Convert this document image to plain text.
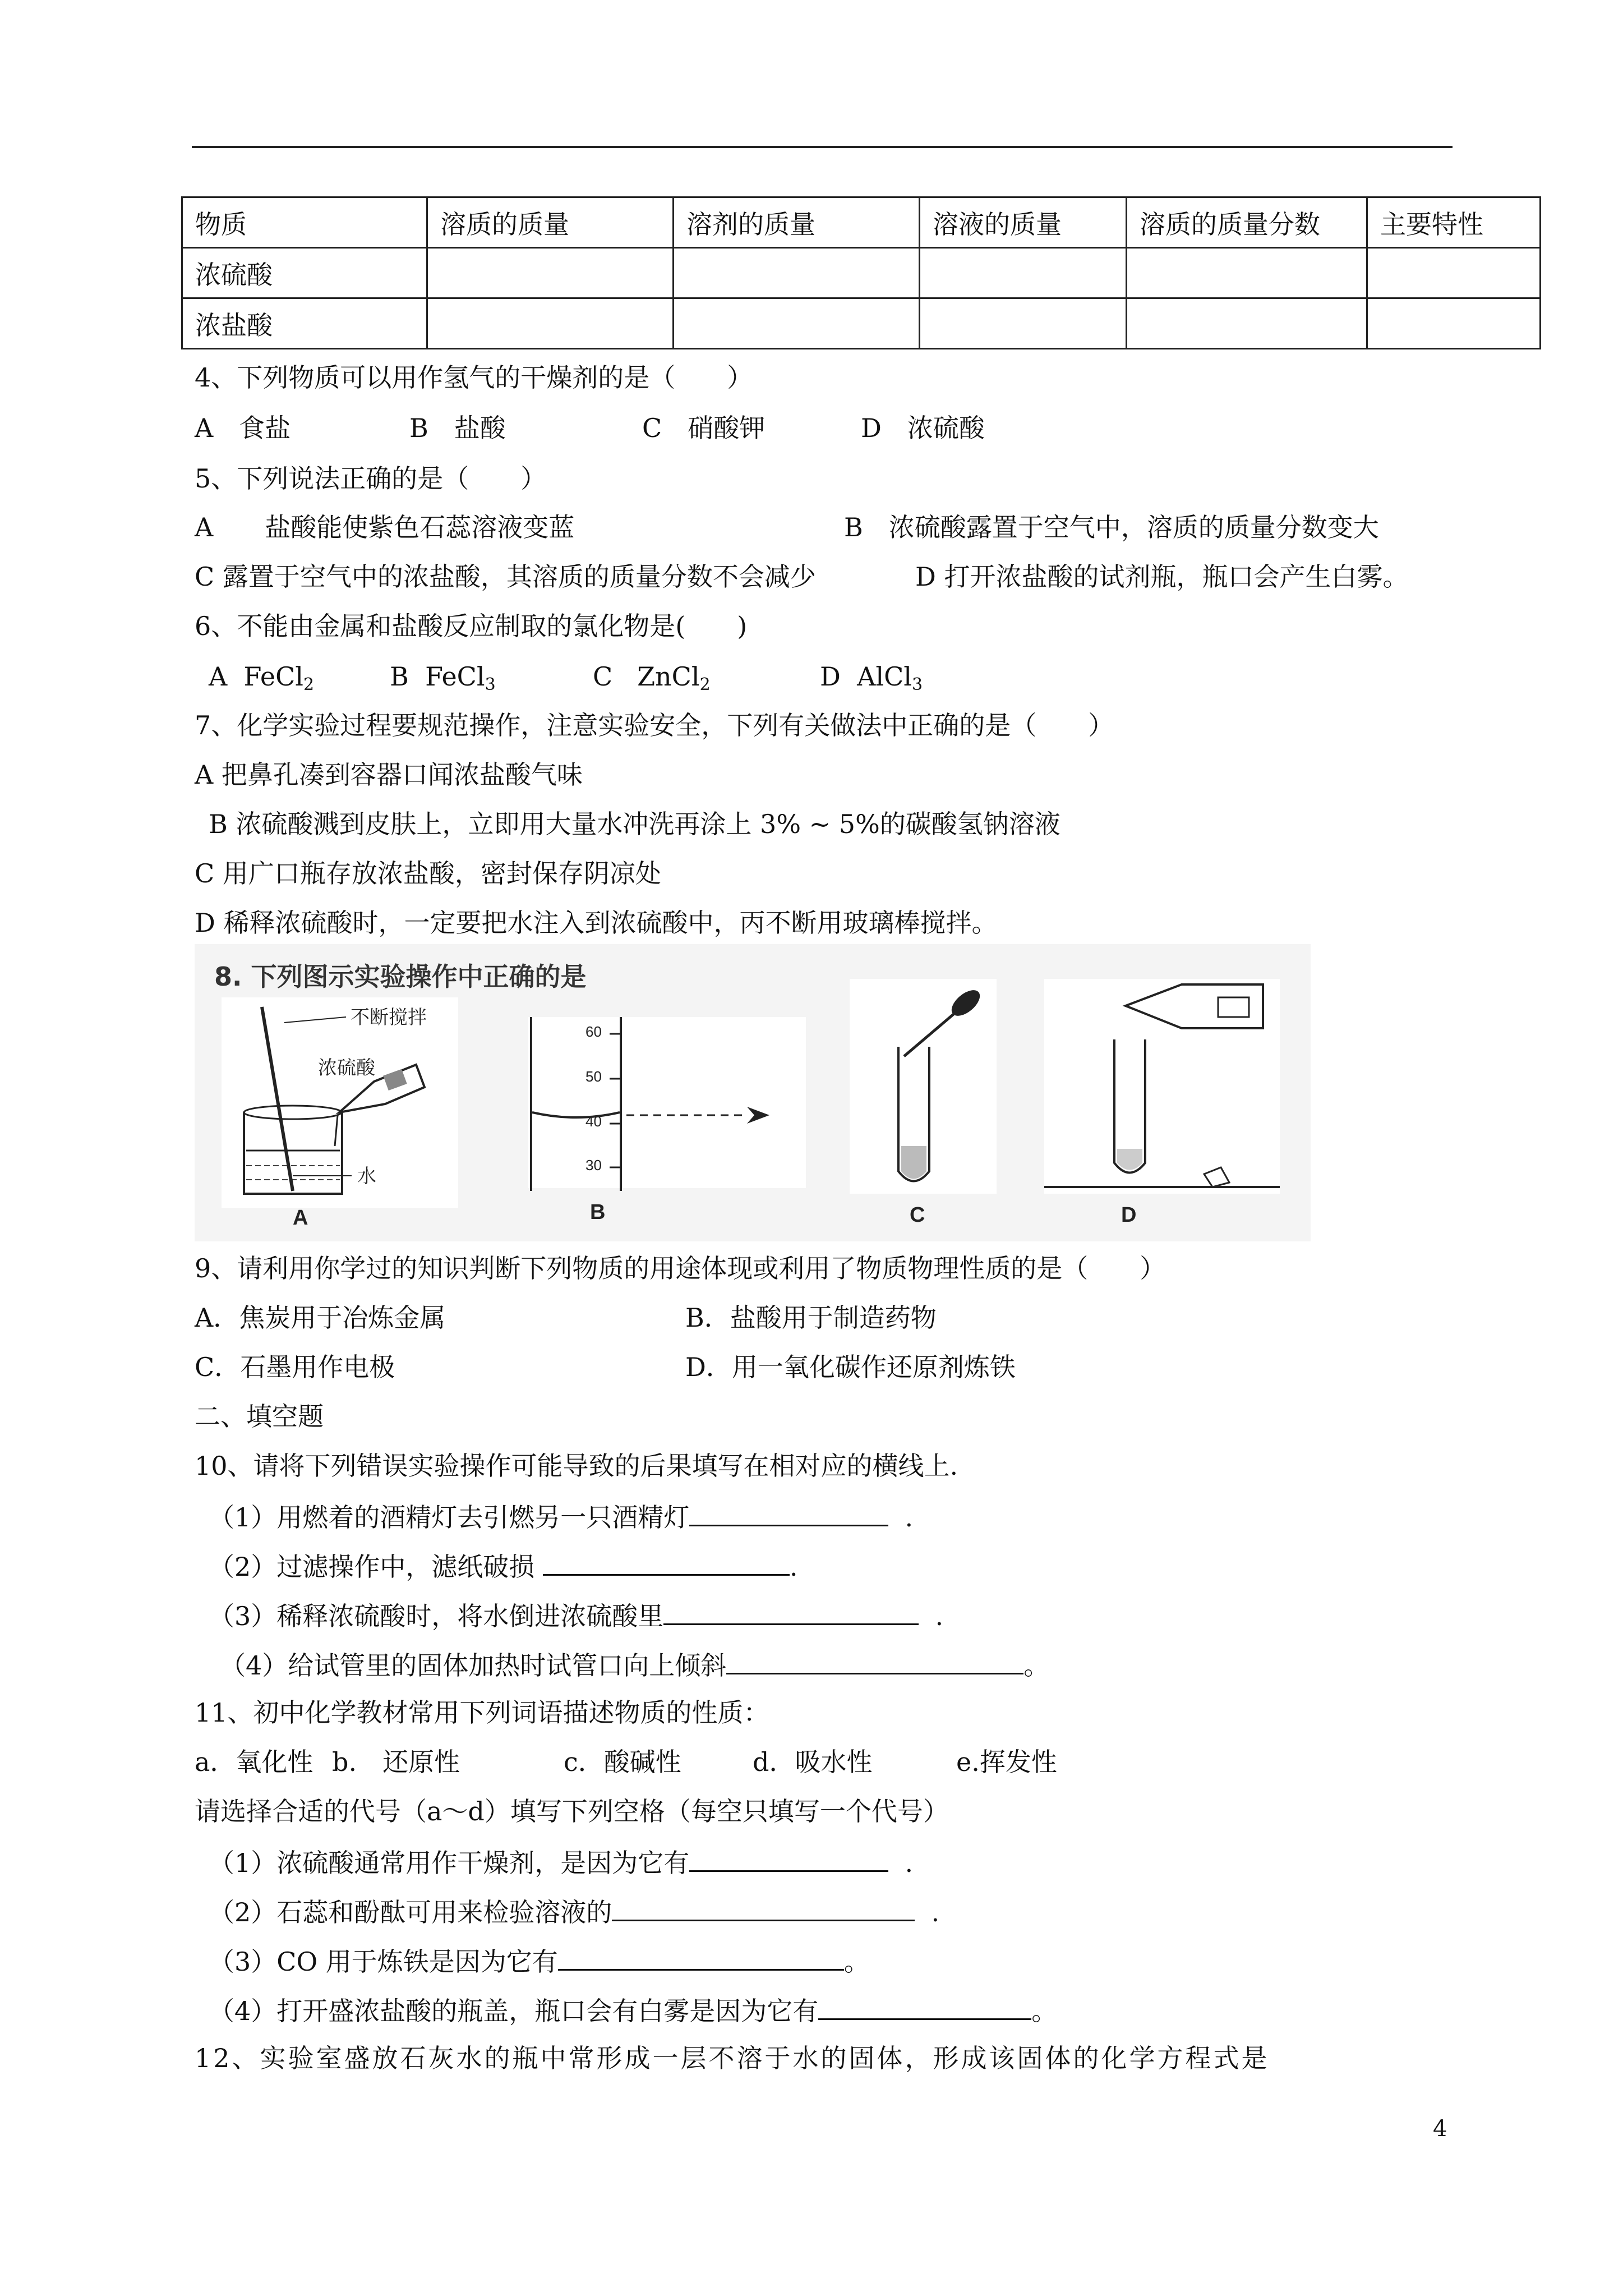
物质	溶质的质量	溶剂的质量	溶液的质量	溶质的质量分数	主要特性
浓硫酸					
浓盐酸					
4、下列物质可以用作氢气的干燥剂的是（　　）
A　食盐	B　盐酸	C　硝酸钾	D　浓硫酸
5、下列说法正确的是（　　）
A　　盐酸能使紫色石蕊溶液变蓝	B　浓硫酸露置于空气中，溶质的质量分数变大
C 露置于空气中的浓盐酸，其溶质的质量分数不会减少	D 打开浓盐酸的试剂瓶，瓶口会产生白雾。
6、不能由金属和盐酸反应制取的氯化物是(　　)
A FeCl$_2$	B FeCl$_3$	C ZnCl$_2$	D AlCl$_3$
7、化学实验过程要规范操作，注意实验安全，下列有关做法中正确的是（　　）
A 把鼻孔凑到容器口闻浓盐酸气味
B 浓硫酸溅到皮肤上，立即用大量水冲洗再涂上 3% ~ 5%的碳酸氢钠溶液
C 用广口瓶存放浓盐酸，密封保存阴凉处
D 稀释浓硫酸时，一定要把水注入到浓硫酸中，丙不断用玻璃棒搅拌。
8. 下列图示实验操作中正确的是
不断搅拌
浓硫酸
水
A
60
50
40
30
B	C	D
9、请利用你学过的知识判断下列物质的用途体现或利用了物质物理性质的是（　　）
A．焦炭用于冶炼金属	B．盐酸用于制造药物
C．石墨用作电极	D．用一氧化碳作还原剂炼铁
二、填空题
10、请将下列错误实验操作可能导致的后果填写在相对应的横线上.
（1）用燃着的酒精灯去引燃另一只酒精灯	.
（2）过滤操作中，滤纸破损	.
（3）稀释浓硫酸时，将水倒进浓硫酸里	.
（4）给试管里的固体加热时试管口向上倾斜	。
11、初中化学教材常用下列词语描述物质的性质：
a．氧化性 b.　还原性	c．酸碱性	d．吸水性	e.挥发性
请选择合适的代号（a～d）填写下列空格（每空只填写一个代号）
（1）浓硫酸通常用作干燥剂，是因为它有	.
（2）石蕊和酚酞可用来检验溶液的	.
（3）CO 用于炼铁是因为它有	。
（4）打开盛浓盐酸的瓶盖，瓶口会有白雾是因为它有	。
12、实验室盛放石灰水的瓶中常形成一层不溶于水的固体，形成该固体的化学方程式是
4
